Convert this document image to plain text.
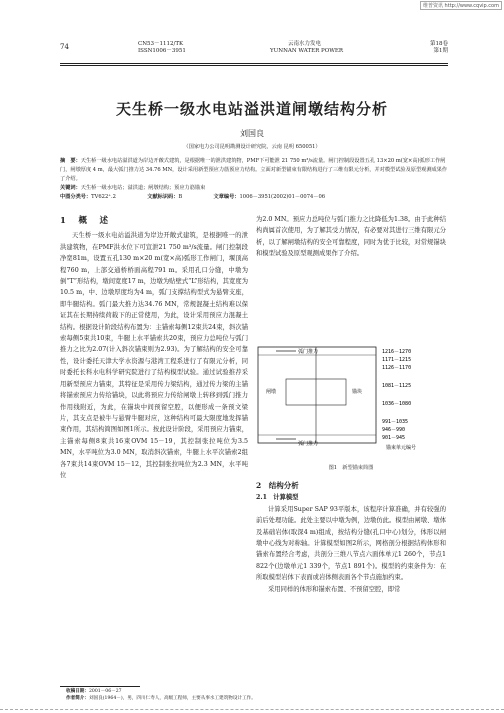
维普资讯 http://www.cqvip.com
74	CN53－1112/TK
ISSN1006－3951
云南水力发电
YUNNAN WATER POWER
第18卷
第1期
天生桥一级水电站溢洪道闸墩结构分析
刘国良
（国家电力公司昆明勘测设计研究院，云南 昆明 650051）

摘　要：天生桥一级水电站溢洪道为岸边开敞式建筑，是根据唯一的泄洪建筑物，PMF下可能泄 21 750 m³/s流量。闸门控制段设置五孔 13×20 m(宽×高)弧形工作闸门，闸墩厚度 4 m，最大弧门推力达 34.76 MN，设计采用新型预应力筋预应力结构。立面对新型锚束有限结构进行了三维有限元分析，并对模型试验及原型观测成果作了介绍。

关键词：天生桥一级水电站；溢洪道；闸墩结构；预应力筋锚束

中图分类号：TV622⁺.2	文献标识码：B	文章编号：1006－3951(2002)01－0074－06

1　 概　述

天生桥一级水电站溢洪道为岸边开敞式建筑，是根据唯一的泄洪建筑物，在PMF洪水位下可宣泄21 750 m³/s流量。闸门控制段净宽81m，设置五孔130 m×20 m(宽×高)弧形工作闸门，堰顶高程760 m，上部交通桥桥面高程791 m。采用孔口分缝，中墩为倒“T”形结构，墩间宽度17 m，边墩为贴壁式“L”形结构，其宽度为10.5 m，中、边墩厚度均为4 m，弧门支撑结构型式为悬臂支座，即牛腿结构。弧门最大推力达34.76 MN，常规混凝土结构难以保证其在长期持续荷载下的正常使用，为此，设计采用预应力混凝土结构。根据设计阶段结构布置为：主锚索每侧12束共24束，斜次锚索每侧5束共10束，牛腿上水平锚索共20束，预应力总吨位与弧门推力之比为2.07(计入斜次锚束则为2.93)。为了解结构的安全可靠性，设计委托天津大学水资源与港湾工程系进行了有限元分析，同时委托长科水电科学研究院进行了结构模型试验。通过试验推荐采用新型预应力锚束，其特征是采用传力梁结构，通过传力梁的主锚将锚索预应力传给锚块，以此将预应力传给闸墩上转移到弧门推力作用线附近，为此，在锚块中间预留空腔，以便形成一条预文梁片，其支点是被牛与悬臂牛腿对应，这种结构可最大限度地发挥锚束作用，其结构简图如图1所示。按此设计阶段，采用预应力锚束，主锚索每侧8束共16束OVM 15－19，其控制张拉吨位为3.5 MN，水平吨位为3.0 MN，取消斜次锚索，牛腿上水平次锚索2组各7束共14束OVM 15－12，其控制张拉吨位为2.3 MN，水平吨位

为2.0 MN。预应力总吨位与弧门推力之比降低为1.38。由于此种结构尚属首次使用，为了解其受力情况，有必要对其进行三维有限元分析，以了解闸墩结构的安全可靠程度，同时为优于比较，对常规锚块和模型试验及原型观测成果作了介绍。

弧门推力
闸墩	锚块
弧门推力
1216－1270
1171－1215
1126－1170
1081－1125
1036－1080
991－1035
946－990
901－945
锚束单元编号
图1　新型锚束简图

2　 结构分析

2.1　 计算模型

计算采用Super SAP 93平版本，该程序计算准确，并有较强的前后处理功能。此处主要以中墩为例，边墩仿此。模型由闸墩、墩体及基础岩体(取深4 m)组成，按结构分缝(孔口中心)划分，体形以闸墩中心线为对称轴。计算模型如图2所示，网格剖分根据结构体形和锚索布置经合考虑，共剖分三维八节点六面体单元1 260个，节点1 822个(边墩单元1 339个，节点1 891个)。模型的约束条件为：在所取模型岩体下表面或岩体侧表面各个节点施加约束。

采用同样的体形和锚索布置、不预留空腔，即常

收稿日期：2001－06－27
作者简介：刘国良(1964－)，男，四川仁寿人，高级工程师，主要从事水工建筑物设计工作。
